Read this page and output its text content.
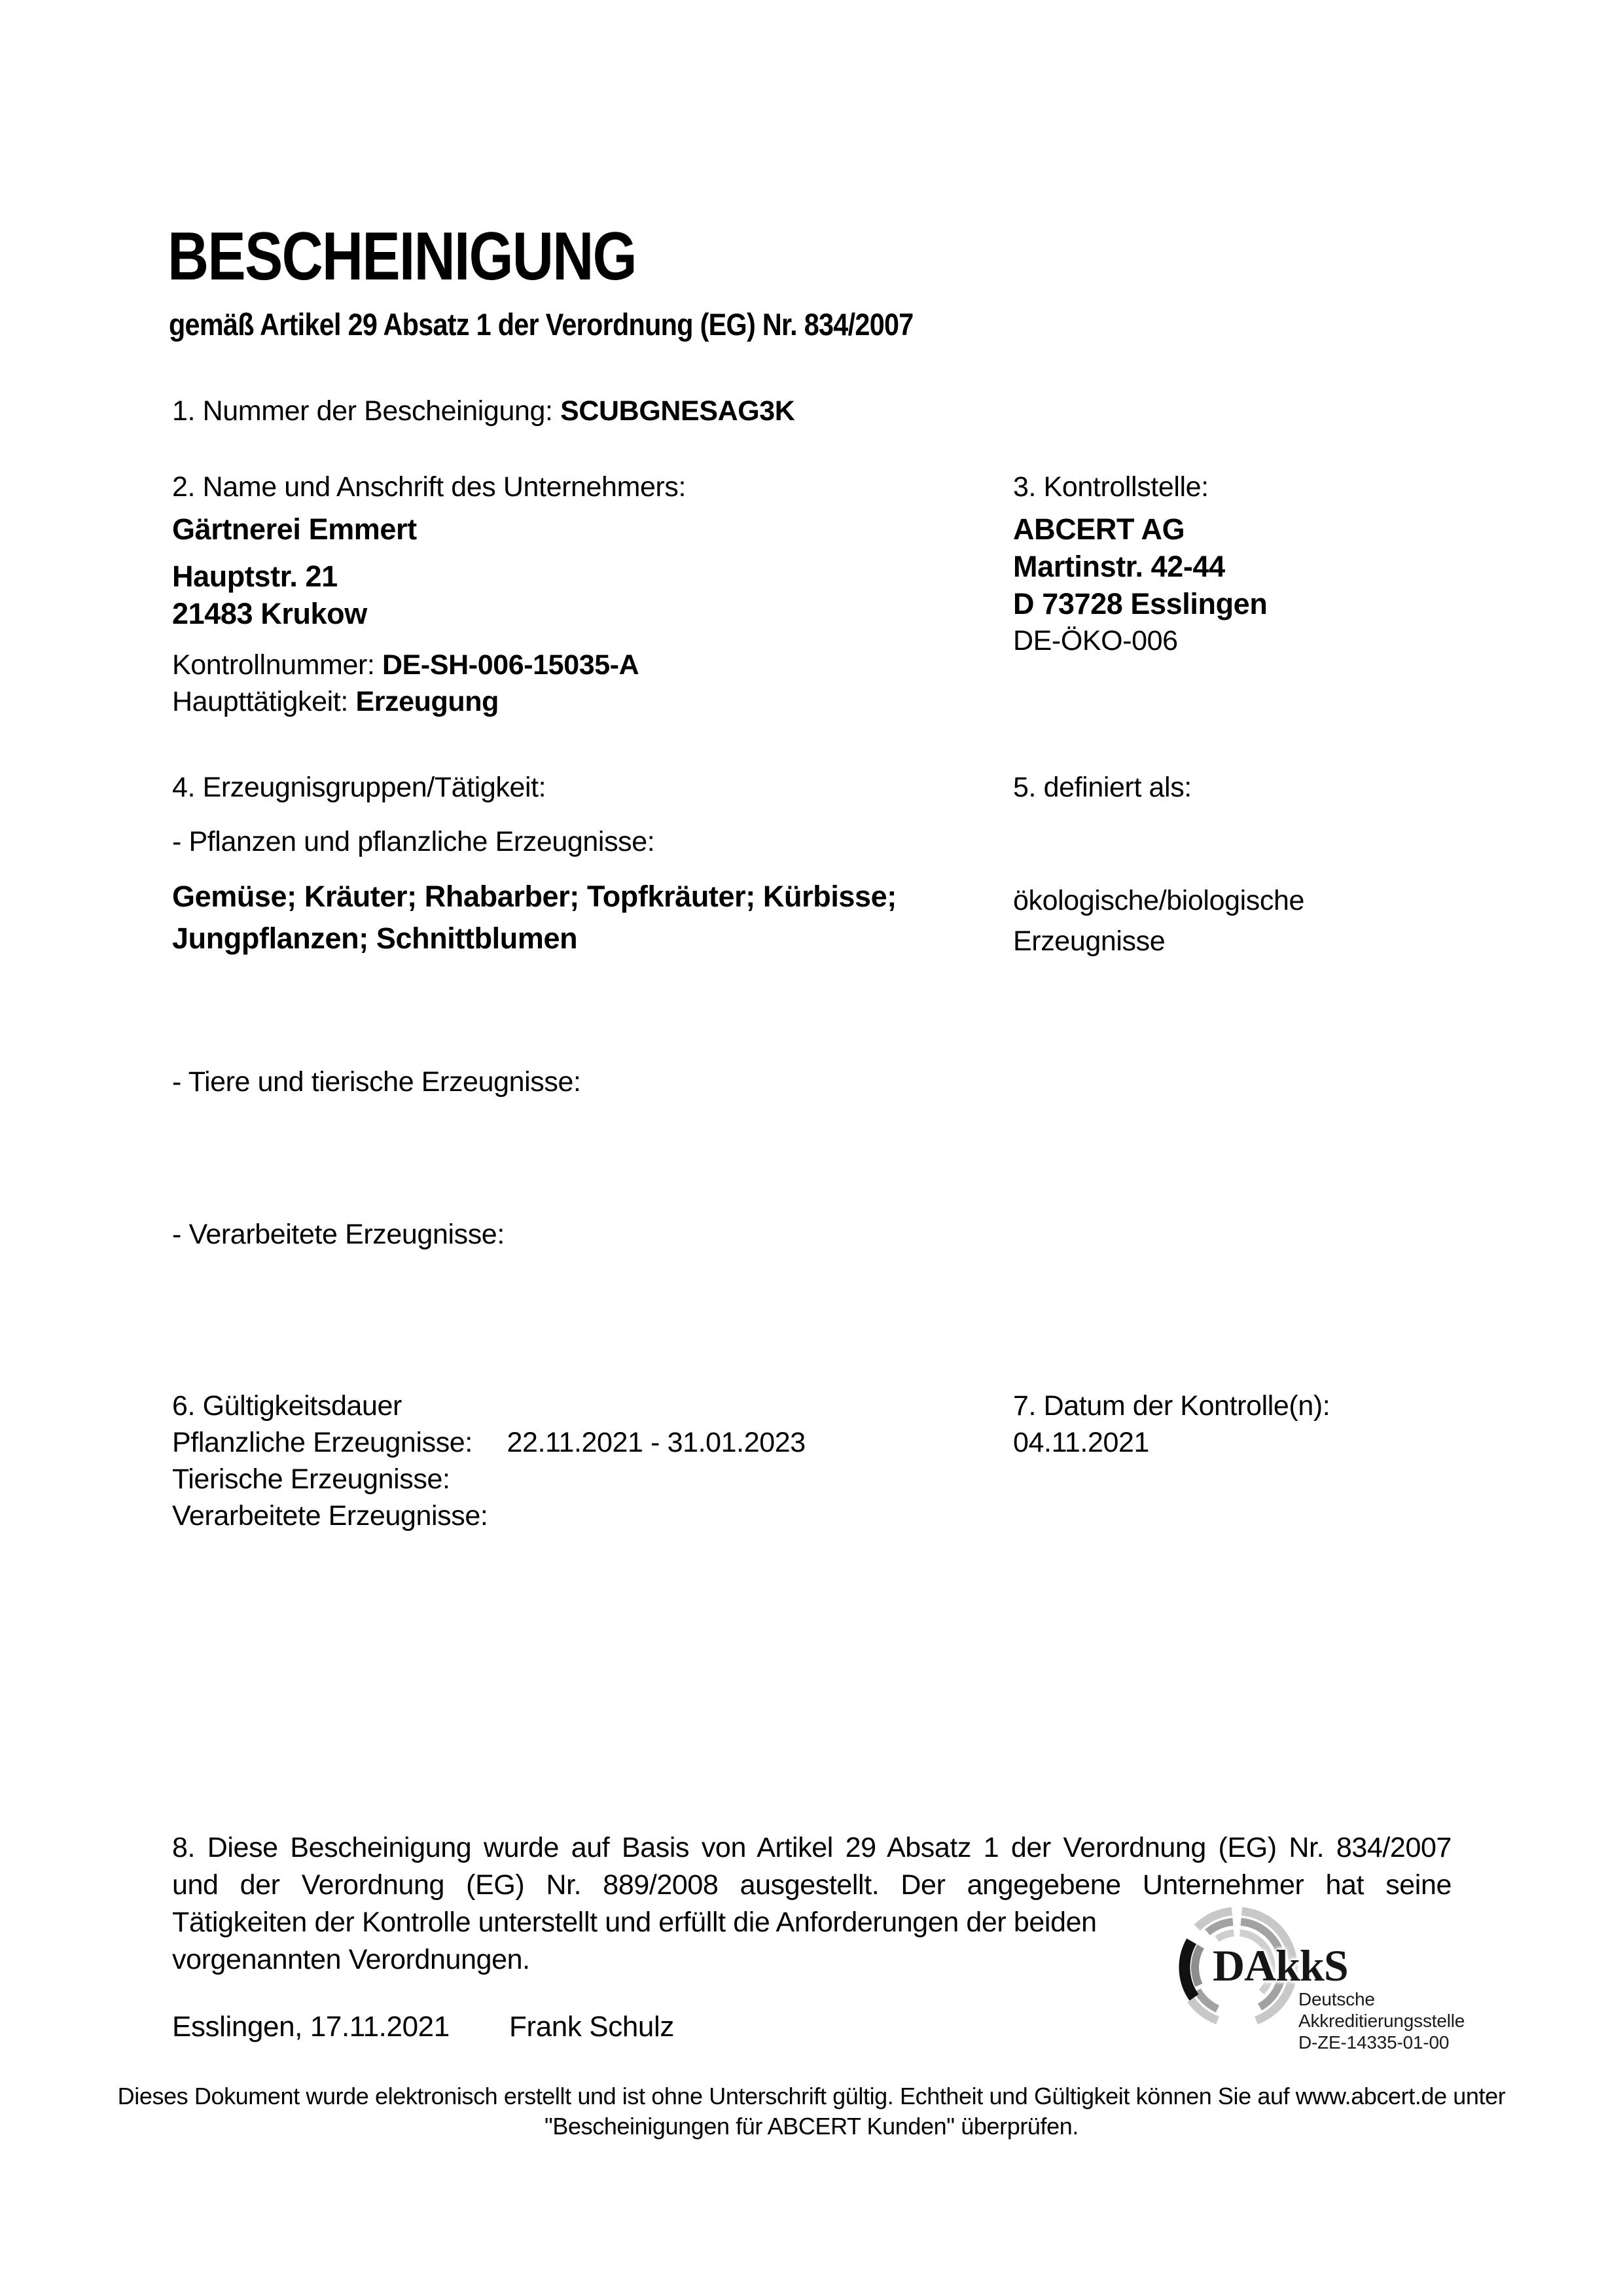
BESCHEINIGUNG
gemäß Artikel 29 Absatz 1 der Verordnung (EG) Nr. 834/2007
1. Nummer der Bescheinigung: SCUBGNESAG3K
2. Name und Anschrift des Unternehmers:
Gärtnerei Emmert
Hauptstr. 21
21483 Krukow
Kontrollnummer: DE-SH-006-15035-A
Haupttätigkeit: Erzeugung
3. Kontrollstelle:
ABCERT AG
Martinstr. 42-44
D 73728 Esslingen
DE-ÖKO-006
4. Erzeugnisgruppen/Tätigkeit:
- Pflanzen und pflanzliche Erzeugnisse:
Gemüse; Kräuter; Rhabarber; Topfkräuter; Kürbisse; Jungpflanzen; Schnittblumen
5. definiert als:
ökologische/biologische Erzeugnisse
- Tiere und tierische Erzeugnisse:
- Verarbeitete Erzeugnisse:
6. Gültigkeitsdauer
Pflanzliche Erzeugnisse: 22.11.2021 - 31.01.2023
Tierische Erzeugnisse:
Verarbeitete Erzeugnisse:
7. Datum der Kontrolle(n):
04.11.2021
8. Diese Bescheinigung wurde auf Basis von Artikel 29 Absatz 1 der Verordnung (EG) Nr. 834/2007
und der Verordnung (EG) Nr. 889/2008 ausgestellt. Der angegebene Unternehmer hat seine
Tätigkeiten der Kontrolle unterstellt und erfüllt die Anforderungen der beiden
vorgenannten Verordnungen.
Esslingen, 17.11.2021 Frank Schulz
DAkkS
Deutsche
Akkreditierungsstelle
D-ZE-14335-01-00
Dieses Dokument wurde elektronisch erstellt und ist ohne Unterschrift gültig. Echtheit und Gültigkeit können Sie auf www.abcert.de unter
"Bescheinigungen für ABCERT Kunden" überprüfen.
